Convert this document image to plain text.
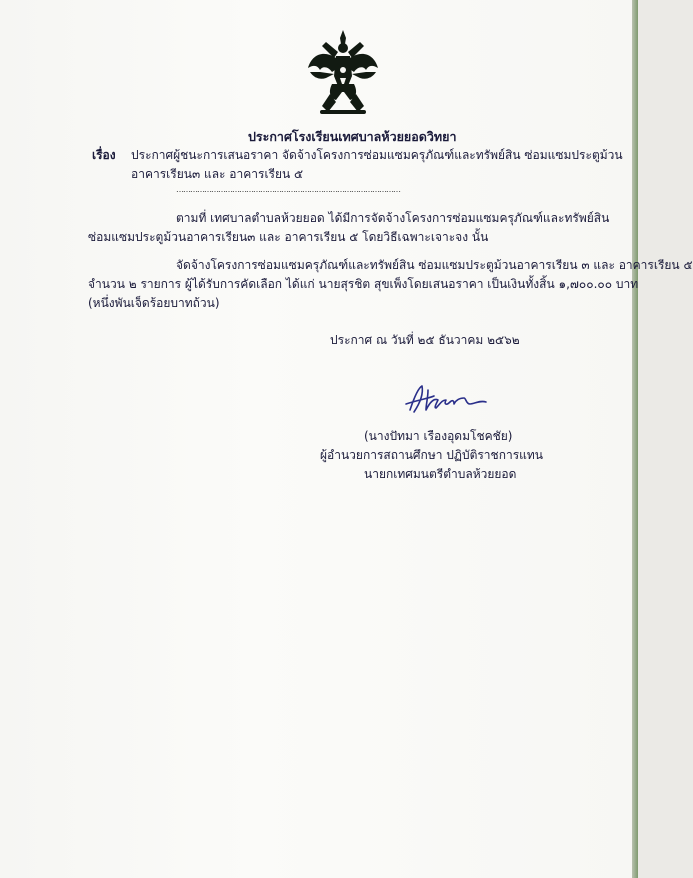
ประกาศโรงเรียนเทศบาลห้วยยอดวิทยา
เรื่อง ประกาศผู้ชนะการเสนอราคา จัดจ้างโครงการซ่อมแซมครุภัณฑ์และทรัพย์สิน ซ่อมแซมประตูม้วน
อาคารเรียน๓ และ อาคารเรียน ๕
……………………………………………………………………………………
ตามที่ เทศบาลตำบลห้วยยอด ได้มีการจัดจ้างโครงการซ่อมแซมครุภัณฑ์และทรัพย์สิน
ซ่อมแซมประตูม้วนอาคารเรียน๓ และ อาคารเรียน ๕ โดยวิธีเฉพาะเจาะจง นั้น
จัดจ้างโครงการซ่อมแซมครุภัณฑ์และทรัพย์สิน ซ่อมแซมประตูม้วนอาคารเรียน ๓ และ อาคารเรียน ๕
จำนวน ๒ รายการ ผู้ได้รับการคัดเลือก ได้แก่ นายสุรชิต สุขเพ็งโดยเสนอราคา เป็นเงินทั้งสิ้น ๑,๗๐๐.๐๐ บาท
(หนึ่งพันเจ็ดร้อยบาทถ้วน)
ประกาศ ณ วันที่ ๒๕ ธันวาคม ๒๕๖๒
(นางปัทมา เรืองอุดมโชคชัย)
ผู้อำนวยการสถานศึกษา ปฏิบัติราชการแทน
นายกเทศมนตรีตำบลห้วยยอด
